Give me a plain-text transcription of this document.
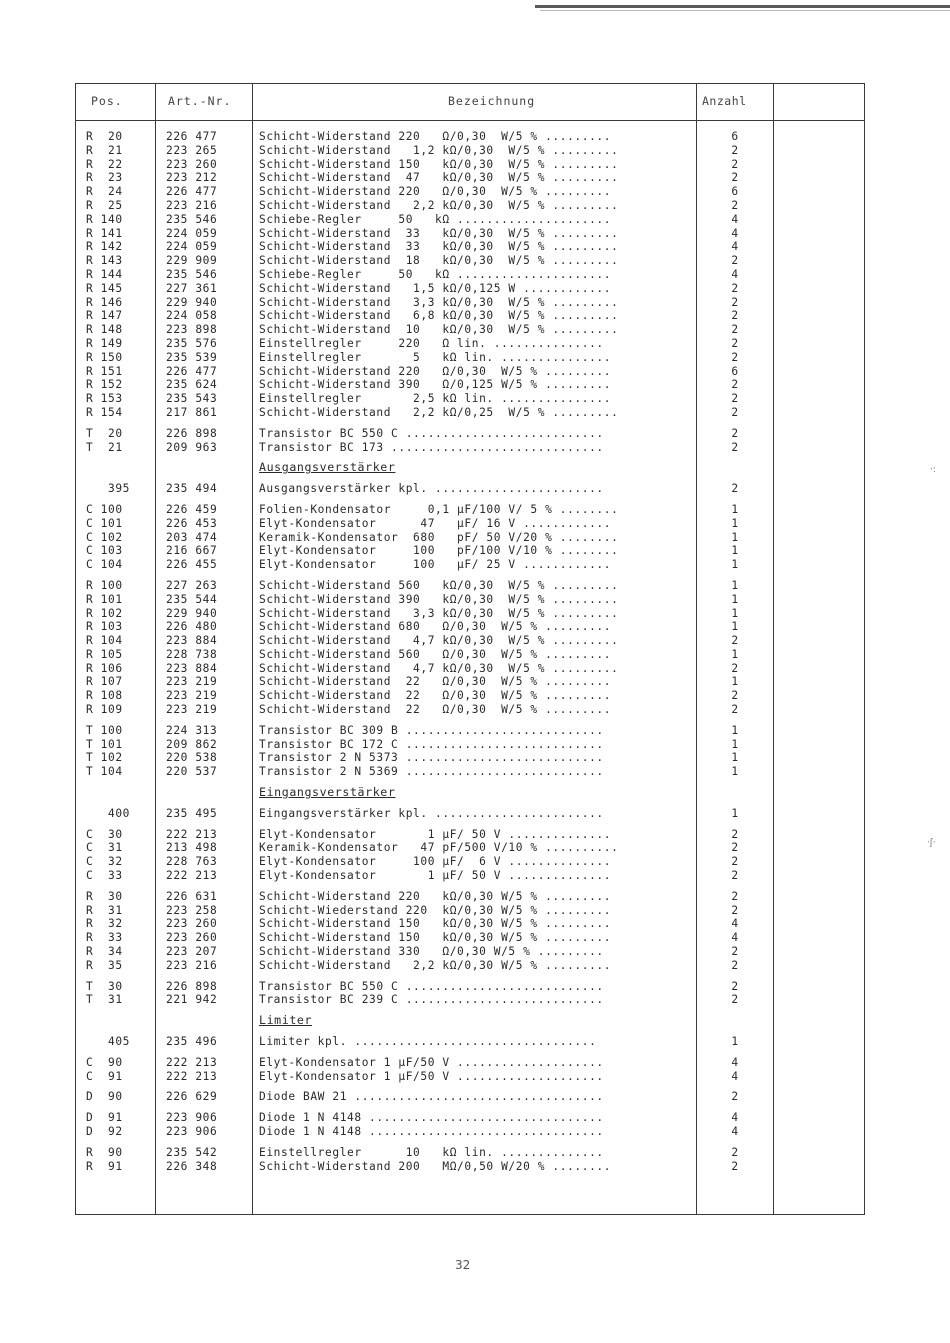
Pos.	Art.-Nr.	Bezeichnung	Anzahl
R  20	226 477	Schicht-Widerstand 220   Ω/0,30  W/5 % .........	6
R  21	223 265	Schicht-Widerstand   1,2 kΩ/0,30  W/5 % .........	2
R  22	223 260	Schicht-Widerstand 150   kΩ/0,30  W/5 % .........	2
R  23	223 212	Schicht-Widerstand  47   kΩ/0,30  W/5 % .........	2
R  24	226 477	Schicht-Widerstand 220   Ω/0,30  W/5 % .........	6
R  25	223 216	Schicht-Widerstand   2,2 kΩ/0,30  W/5 % .........	2
R 140	235 546	Schiebe-Regler     50   kΩ .....................	4
R 141	224 059	Schicht-Widerstand  33   kΩ/0,30  W/5 % .........	4
R 142	224 059	Schicht-Widerstand  33   kΩ/0,30  W/5 % .........	4
R 143	229 909	Schicht-Widerstand  18   kΩ/0,30  W/5 % .........	2
R 144	235 546	Schiebe-Regler     50   kΩ .....................	4
R 145	227 361	Schicht-Widerstand   1,5 kΩ/0,125 W ............	2
R 146	229 940	Schicht-Widerstand   3,3 kΩ/0,30  W/5 % .........	2
R 147	224 058	Schicht-Widerstand   6,8 kΩ/0,30  W/5 % .........	2
R 148	223 898	Schicht-Widerstand  10   kΩ/0,30  W/5 % .........	2
R 149	235 576	Einstellregler     220   Ω lin. ...............	2
R 150	235 539	Einstellregler       5   kΩ lin. ...............	2
R 151	226 477	Schicht-Widerstand 220   Ω/0,30  W/5 % .........	6
R 152	235 624	Schicht-Widerstand 390   Ω/0,125 W/5 % .........	2
R 153	235 543	Einstellregler       2,5 kΩ lin. ...............	2
R 154	217 861	Schicht-Widerstand   2,2 kΩ/0,25  W/5 % .........	2
T  20	226 898	Transistor BC 550 C ...........................	2
T  21	209 963	Transistor BC 173 .............................	2
Ausgangsverstärker
395	235 494	Ausgangsverstärker kpl. .......................	2
C 100	226 459	Folien-Kondensator     0,1 µF/100 V/ 5 % ........	1
C 101	226 453	Elyt-Kondensator      47   µF/ 16 V ............	1
C 102	203 474	Keramik-Kondensator  680   pF/ 50 V/20 % ........	1
C 103	216 667	Elyt-Kondensator     100   pF/100 V/10 % ........	1
C 104	226 455	Elyt-Kondensator     100   µF/ 25 V ............	1
R 100	227 263	Schicht-Widerstand 560   kΩ/0,30  W/5 % .........	1
R 101	235 544	Schicht-Widerstand 390   kΩ/0,30  W/5 % .........	1
R 102	229 940	Schicht-Widerstand   3,3 kΩ/0,30  W/5 % .........	1
R 103	226 480	Schicht-Widerstand 680   Ω/0,30  W/5 % .........	1
R 104	223 884	Schicht-Widerstand   4,7 kΩ/0,30  W/5 % .........	2
R 105	228 738	Schicht-Widerstand 560   Ω/0,30  W/5 % .........	1
R 106	223 884	Schicht-Widerstand   4,7 kΩ/0,30  W/5 % .........	2
R 107	223 219	Schicht-Widerstand  22   Ω/0,30  W/5 % .........	1
R 108	223 219	Schicht-Widerstand  22   Ω/0,30  W/5 % .........	2
R 109	223 219	Schicht-Widerstand  22   Ω/0,30  W/5 % .........	2
T 100	224 313	Transistor BC 309 B ...........................	1
T 101	209 862	Transistor BC 172 C ...........................	1
T 102	220 538	Transistor 2 N 5373 ...........................	1
T 104	220 537	Transistor 2 N 5369 ...........................	1
Eingangsverstärker
400	235 495	Eingangsverstärker kpl. .......................	1
C  30	222 213	Elyt-Kondensator       1 µF/ 50 V ..............	2
C  31	213 498	Keramik-Kondensator   47 pF/500 V/10 % ..........	2
C  32	228 763	Elyt-Kondensator     100 µF/  6 V ..............	2
C  33	222 213	Elyt-Kondensator       1 µF/ 50 V ..............	2
R  30	226 631	Schicht-Widerstand 220   kΩ/0,30 W/5 % .........	2
R  31	223 258	Schicht-Wiederstand 220  kΩ/0,30 W/5 % .........	2
R  32	223 260	Schicht-Widerstand 150   kΩ/0,30 W/5 % .........	4
R  33	223 260	Schicht-Widerstand 150   kΩ/0,30 W/5 % .........	4
R  34	223 207	Schicht-Widerstand 330   Ω/0,30 W/5 % .........	2
R  35	223 216	Schicht-Widerstand   2,2 kΩ/0,30 W/5 % .........	2
T  30	226 898	Transistor BC 550 C ...........................	2
T  31	221 942	Transistor BC 239 C ...........................	2
Limiter
405	235 496	Limiter kpl. .................................	1
C  90	222 213	Elyt-Kondensator 1 µF/50 V ....................	4
C  91	222 213	Elyt-Kondensator 1 µF/50 V ....................	4
D  90	226 629	Diode BAW 21 ..................................	2
D  91	223 906	Diode 1 N 4148 ................................	4
D  92	223 906	Diode 1 N 4148 ................................	4
R  90	235 542	Einstellregler      10   kΩ lin. ..............	2
R  91	226 348	Schicht-Widerstand 200   MΩ/0,50 W/20 % ........	2
32
·:
·ʃ·
